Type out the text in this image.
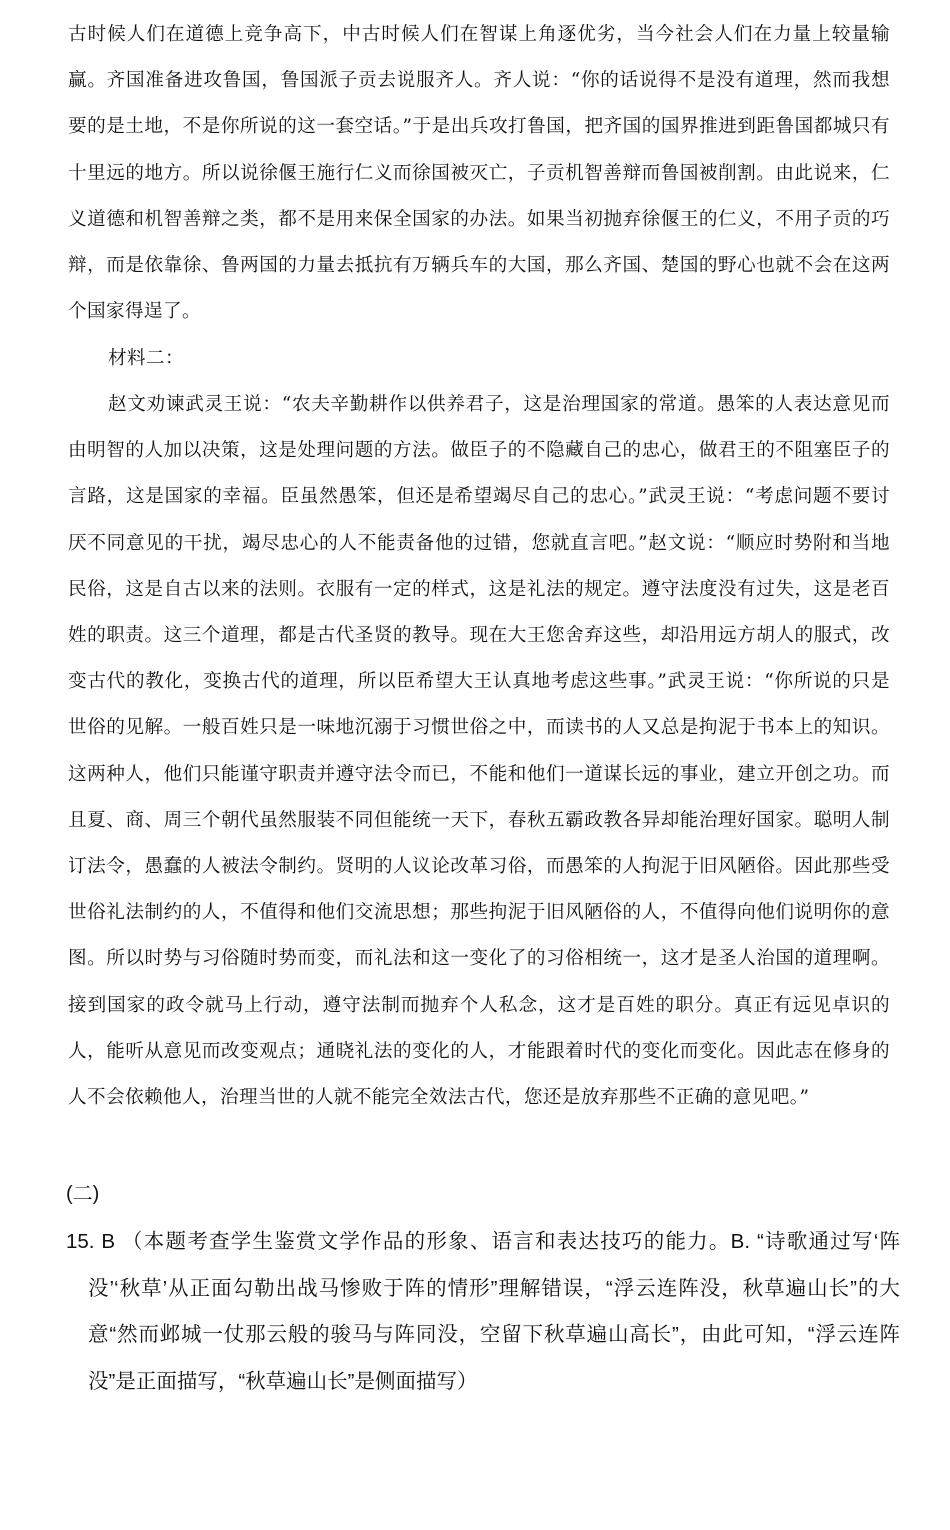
古时候人们在道德上竞争高下，中古时候人们在智谋上角逐优劣，当今社会人们在力量上较量输赢。齐国准备进攻鲁国，鲁国派子贡去说服齐人。齐人说：“你的话说得不是没有道理，然而我想要的是土地，不是你所说的这一套空话。”于是出兵攻打鲁国，把齐国的国界推进到距鲁国都城只有十里远的地方。所以说徐偃王施行仁义而徐国被灭亡，子贡机智善辩而鲁国被削割。由此说来，仁义道德和机智善辩之类，都不是用来保全国家的办法。如果当初抛弃徐偃王的仁义，不用子贡的巧辩，而是依靠徐、鲁两国的力量去抵抗有万辆兵车的大国，那么齐国、楚国的野心也就不会在这两个国家得逞了。
材料二：
赵文劝谏武灵王说：“农夫辛勤耕作以供养君子，这是治理国家的常道。愚笨的人表达意见而由明智的人加以决策，这是处理问题的方法。做臣子的不隐藏自己的忠心，做君王的不阻塞臣子的言路，这是国家的幸福。臣虽然愚笨，但还是希望竭尽自己的忠心。”武灵王说：“考虑问题不要讨厌不同意见的干扰，竭尽忠心的人不能责备他的过错，您就直言吧。”赵文说：“顺应时势附和当地民俗，这是自古以来的法则。衣服有一定的样式，这是礼法的规定。遵守法度没有过失，这是老百姓的职责。这三个道理，都是古代圣贤的教导。现在大王您舍弃这些，却沿用远方胡人的服式，改变古代的教化，变换古代的道理，所以臣希望大王认真地考虑这些事。”武灵王说：“你所说的只是世俗的见解。一般百姓只是一味地沉溺于习惯世俗之中，而读书的人又总是拘泥于书本上的知识。这两种人，他们只能谨守职责并遵守法令而已，不能和他们一道谋长远的事业，建立开创之功。而且夏、商、周三个朝代虽然服装不同但能统一天下，春秋五霸政教各异却能治理好国家。聪明人制订法令，愚蠢的人被法令制约。贤明的人议论改革习俗，而愚笨的人拘泥于旧风陋俗。因此那些受世俗礼法制约的人，不值得和他们交流思想；那些拘泥于旧风陋俗的人，不值得向他们说明你的意图。所以时势与习俗随时势而变，而礼法和这一变化了的习俗相统一，这才是圣人治国的道理啊。接到国家的政令就马上行动，遵守法制而抛弃个人私念，这才是百姓的职分。真正有远见卓识的人，能听从意见而改变观点；通晓礼法的变化的人，才能跟着时代的变化而变化。因此志在修身的人不会依赖他人，治理当世的人就不能完全效法古代，您还是放弃那些不正确的意见吧。”
(二)
15. B （本题考查学生鉴赏文学作品的形象、语言和表达技巧的能力。B. “诗歌通过写‘阵没’‘秋草’从正面勾勒出战马惨败于阵的情形”理解错误，“浮云连阵没，秋草遍山长”的大意“然而邺城一仗那云般的骏马与阵同没，空留下秋草遍山高长”，由此可知，“浮云连阵没”是正面描写，“秋草遍山长”是侧面描写）
